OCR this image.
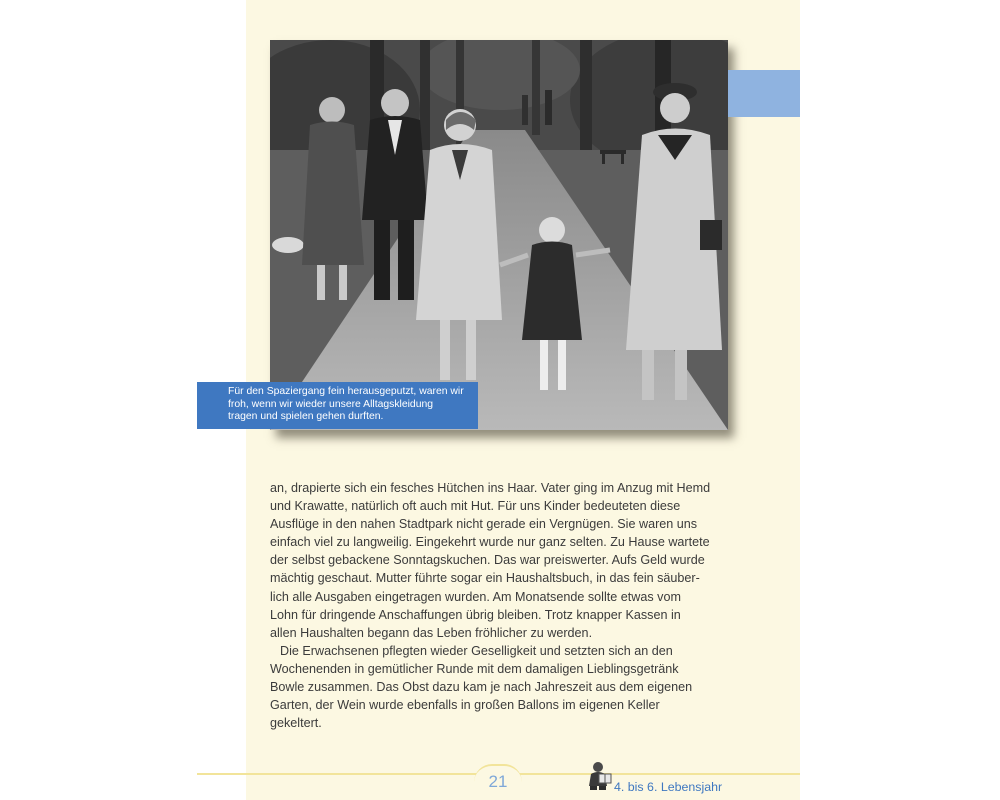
Für den Spaziergang fein herausgeputzt, waren wir
froh, wenn wir wieder unsere Alltagskleidung
tragen und spielen gehen durften.
an, drapierte sich ein fesches Hütchen ins Haar. Vater ging im Anzug mit Hemd
und Krawatte, natürlich oft auch mit Hut. Für uns Kinder bedeuteten diese
Ausflüge in den nahen Stadtpark nicht gerade ein Vergnügen. Sie waren uns
einfach viel zu langweilig. Eingekehrt wurde nur ganz selten. Zu Hause wartete
der selbst gebackene Sonntagskuchen. Das war preiswerter. Aufs Geld wurde
mächtig geschaut. Mutter führte sogar ein Haushaltsbuch, in das fein säuber-
lich alle Ausgaben eingetragen wurden. Am Monatsende sollte etwas vom
Lohn für dringende Anschaffungen übrig bleiben. Trotz knapper Kassen in
allen Haushalten begann das Leben fröhlicher zu werden.
Die Erwachsenen pflegten wieder Geselligkeit und setzten sich an den
Wochenenden in gemütlicher Runde mit dem damaligen Lieblingsgetränk
Bowle zusammen. Das Obst dazu kam je nach Jahreszeit aus dem eigenen
Garten, der Wein wurde ebenfalls in großen Ballons im eigenen Keller
gekeltert.
21	4. bis 6. Lebensjahr
